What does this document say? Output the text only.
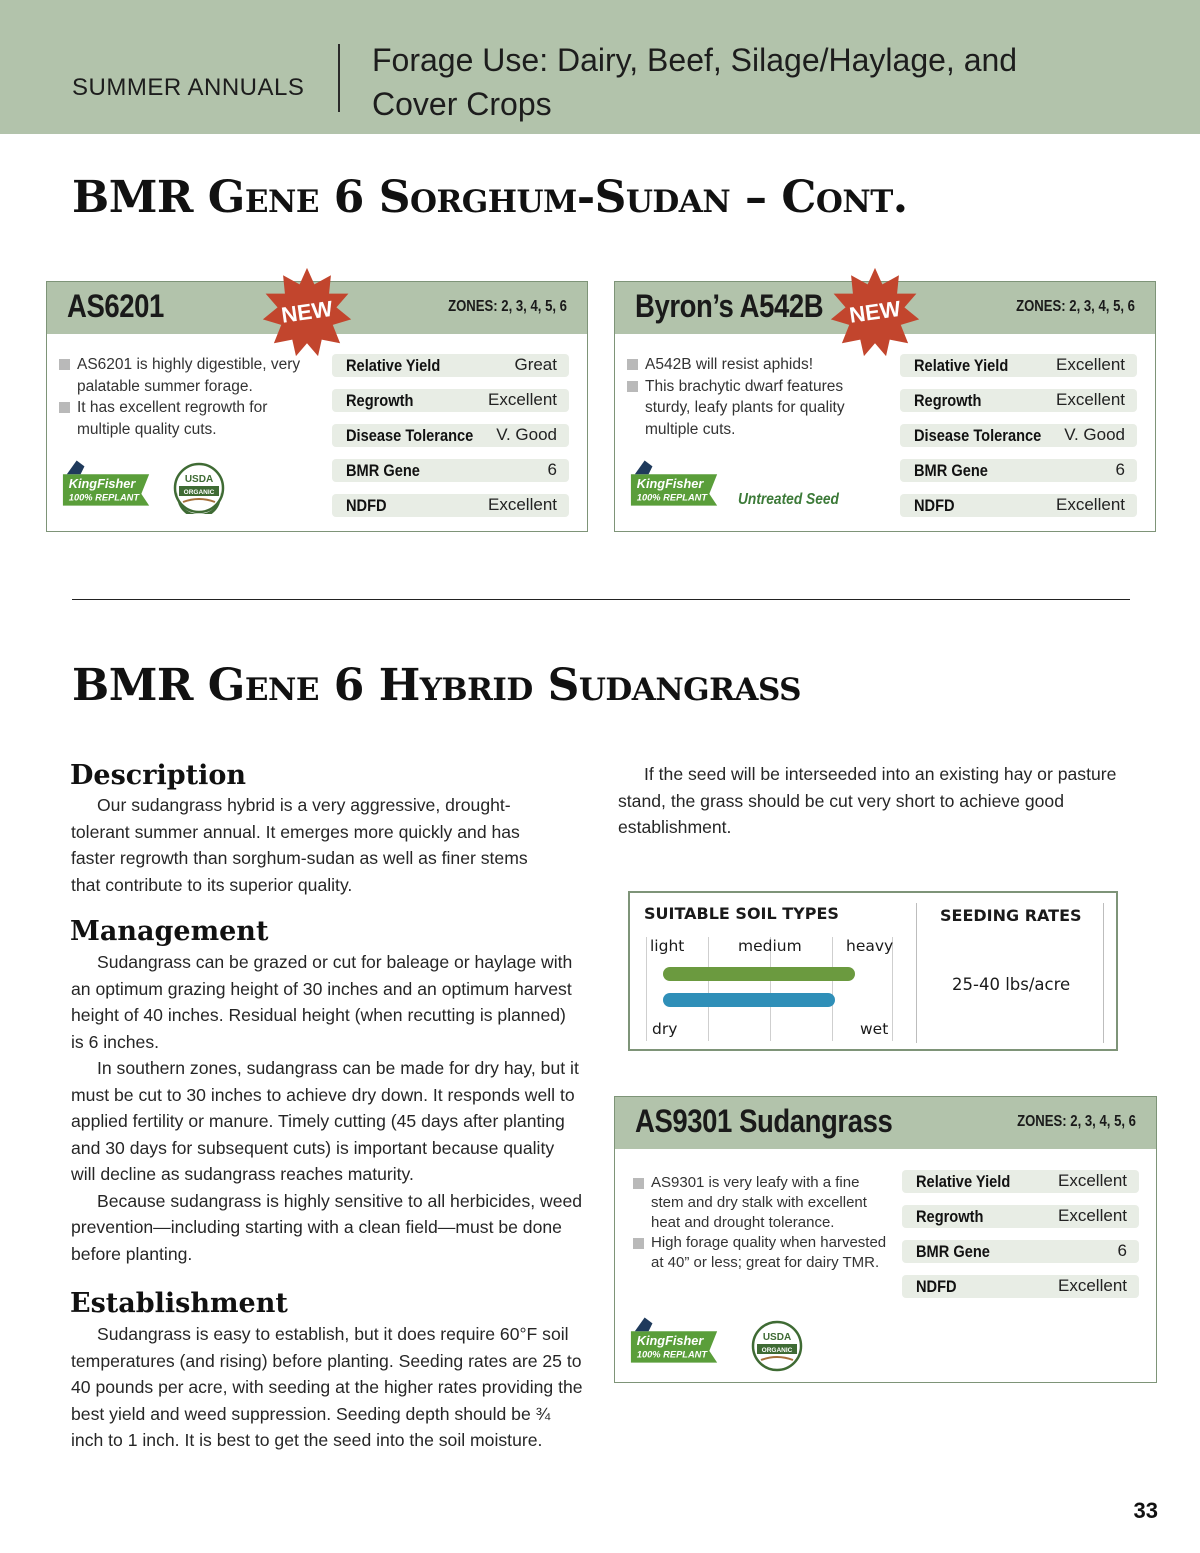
SUMMER ANNUALS
Forage Use: Dairy, Beef, Silage/Haylage, and
Cover Crops
BMR Gene 6 Sorghum-Sudan – Cont.
AS6201	NEW	ZONES: 2, 3, 4, 5, 6
AS6201 is highly digestible, very palatable summer forage.
It has excellent regrowth for multiple quality cuts.
Relative Yield	Great
Regrowth	Excellent
Disease Tolerance V. Good
BMR Gene	6
NDFD	Excellent
KingFisher
100% REPLANT
USDA
ORGANIC
Byron’s A542B NEW	ZONES: 2, 3, 4, 5, 6
A542B will resist aphids!
This brachytic dwarf features sturdy, leafy plants for quality multiple cuts.
Relative Yield	Excellent
Regrowth	Excellent
Disease Tolerance V. Good
BMR Gene	6
NDFD	Excellent
KingFisher
100% REPLANT Untreated Seed
BMR Gene 6 Hybrid Sudangrass
Description

Our sudangrass hybrid is a very aggressive, drought-tolerant summer annual. It emerges more quickly and has faster regrowth than sorghum-sudan as well as finer stems that contribute to its superior quality.

Management

Sudangrass can be grazed or cut for baleage or haylage with an optimum grazing height of 30 inches and an optimum harvest height of 40 inches. Residual height (when recutting is planned) is 6 inches.

In southern zones, sudangrass can be made for dry hay, but it must be cut to 30 inches to achieve dry down. It responds well to applied fertility or manure. Timely cutting (45 days after planting and 30 days for subsequent cuts) is important because quality will decline as sudangrass reaches maturity.

Because sudangrass is highly sensitive to all herbicides, weed prevention—including starting with a clean field—must be done before planting.

Establishment

Sudangrass is easy to establish, but it does require 60°F soil temperatures (and rising) before planting. Seeding rates are 25 to 40 pounds per acre, with seeding at the higher rates providing the best yield and weed suppression. Seeding depth should be ¾ inch to 1 inch. It is best to get the seed into the soil moisture.

If the seed will be interseeded into an existing hay or pasture stand, the grass should be cut very short to achieve good establishment.

SUITABLE SOIL TYPES
light	medium	heavy
dry	wet
SEEDING RATES
25-40 lbs/acre
AS9301 Sudangrass	ZONES: 2, 3, 4, 5, 6
AS9301 is very leafy with a fine stem and dry stalk with excellent heat and drought tolerance.
High forage quality when harvested at 40” or less; great for dairy TMR.
Relative Yield	Excellent
Regrowth	Excellent
BMR Gene	6
NDFD	Excellent
KingFisher
100% REPLANT
USDA
ORGANIC
33
